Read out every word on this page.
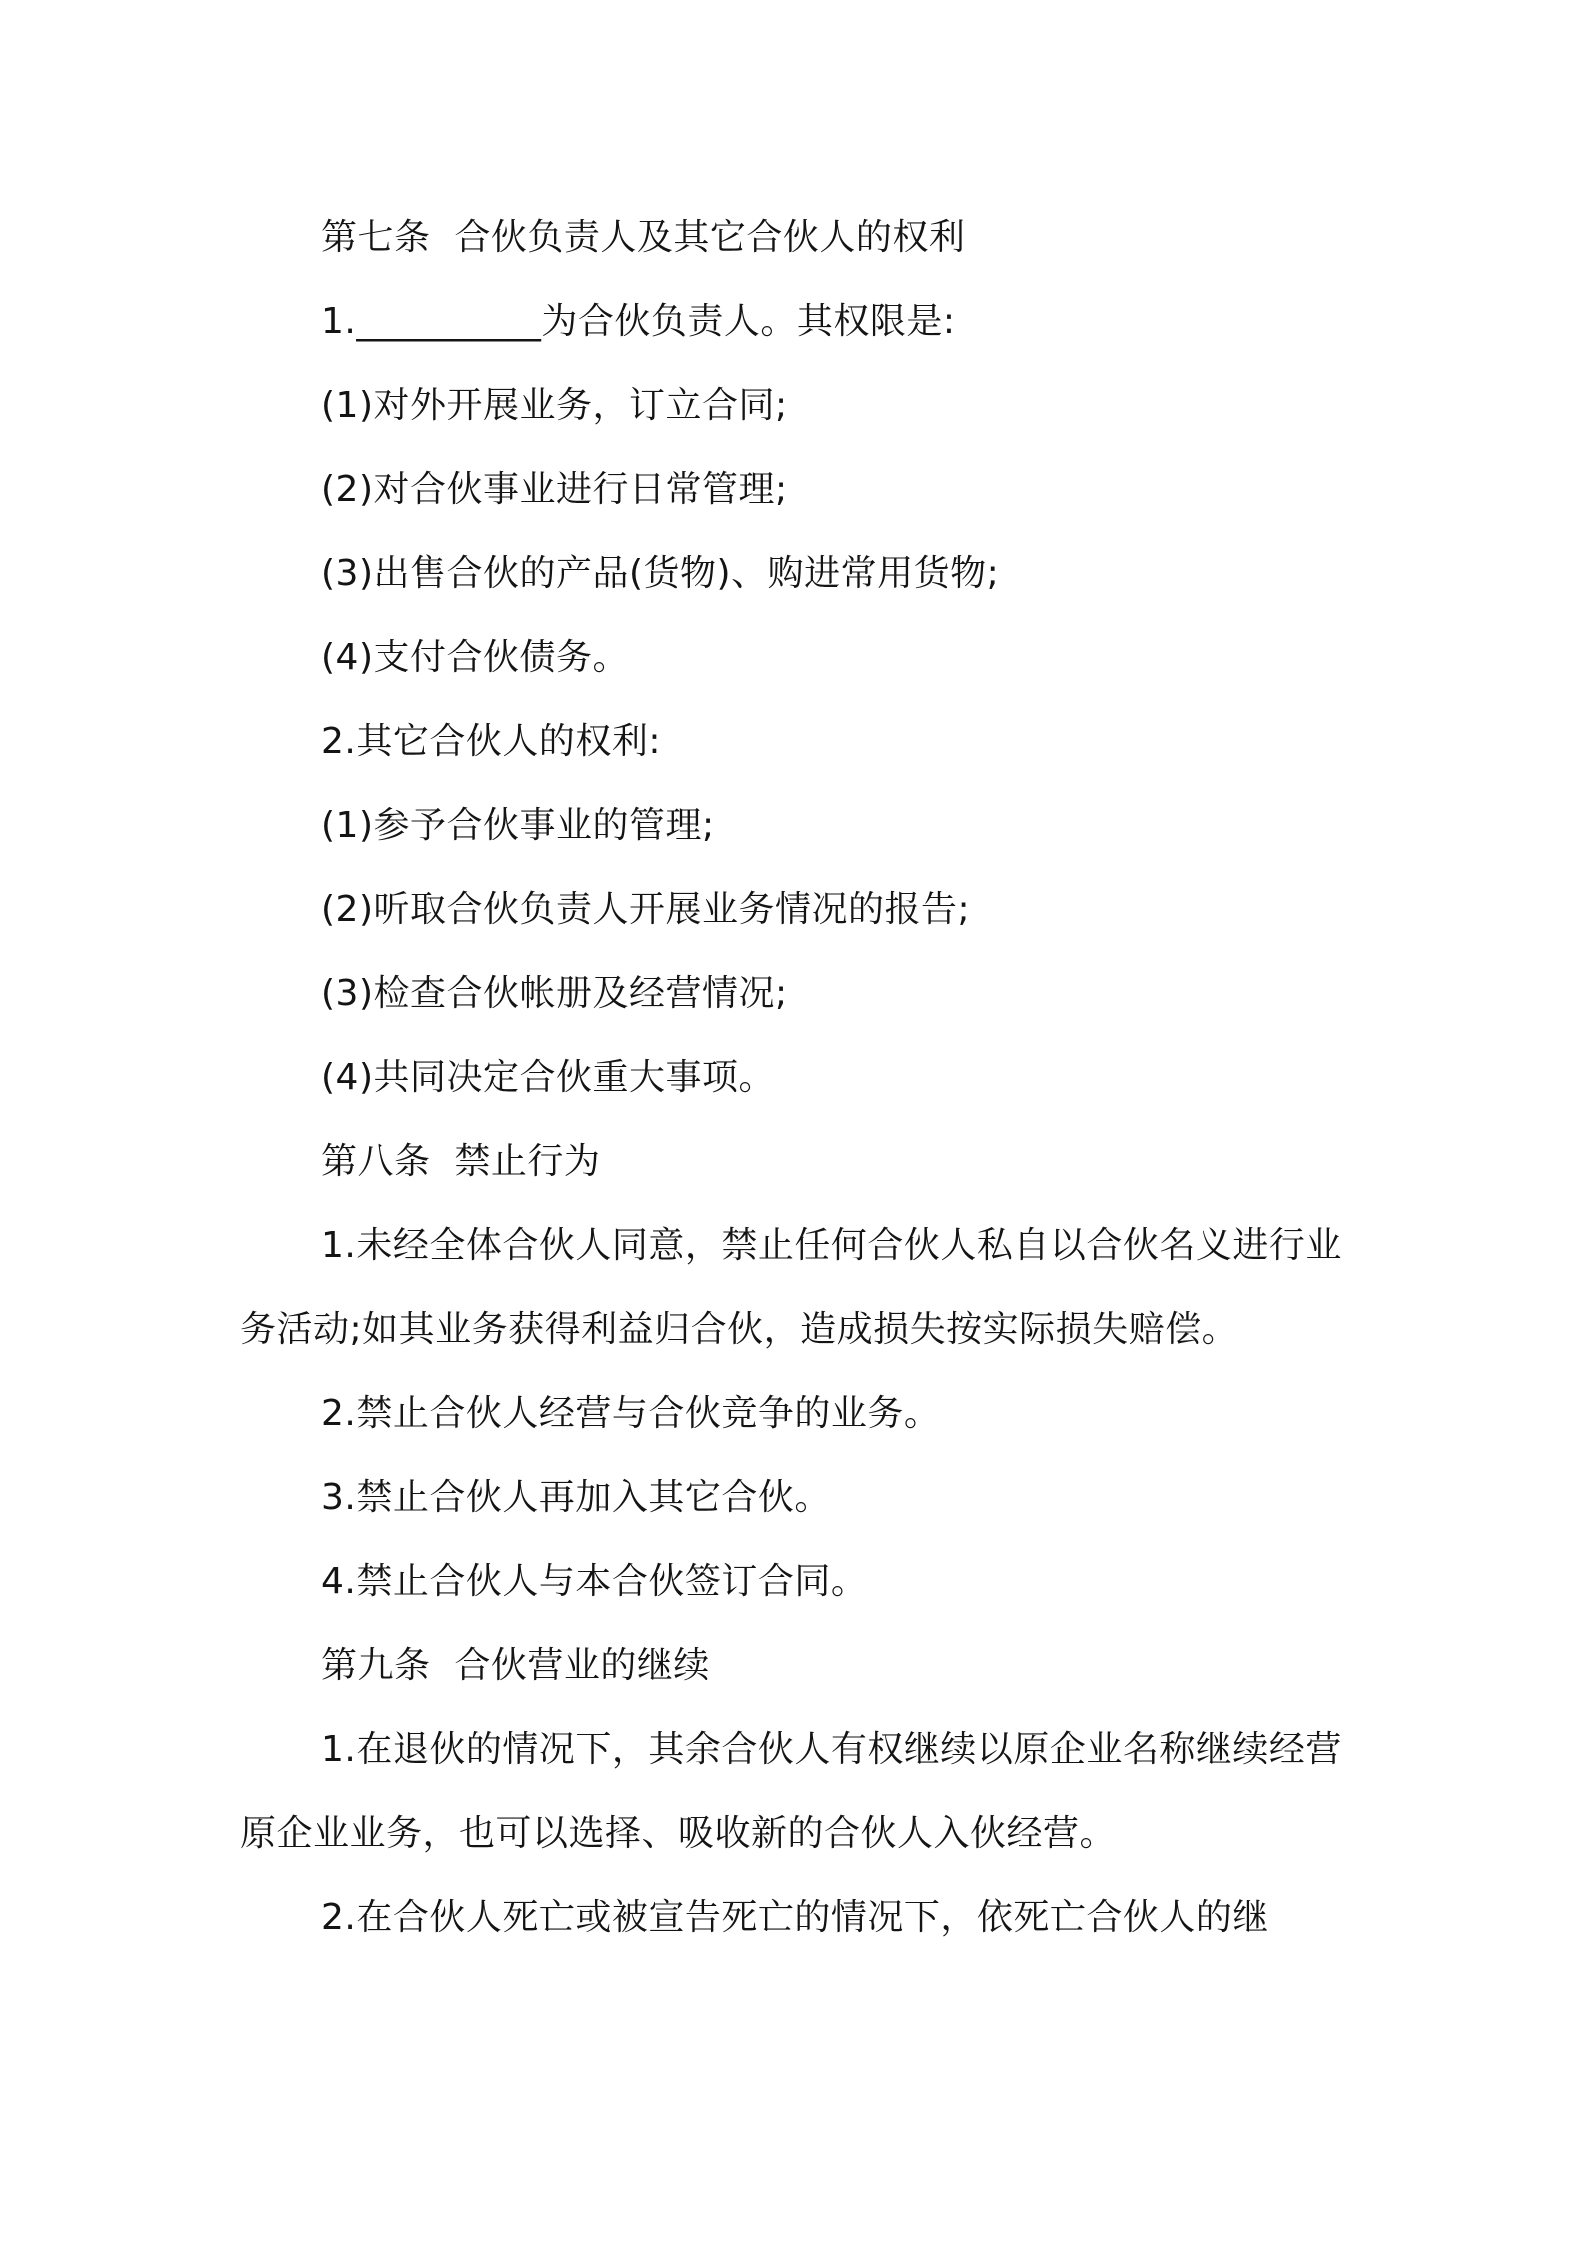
第七条  合伙负责人及其它合伙人的权利

1.__________为合伙负责人。其权限是:

(1)对外开展业务，订立合同;

(2)对合伙事业进行日常管理;

(3)出售合伙的产品(货物)、购进常用货物;

(4)支付合伙债务。

2.其它合伙人的权利:

(1)参予合伙事业的管理;

(2)听取合伙负责人开展业务情况的报告;

(3)检查合伙帐册及经营情况;

(4)共同决定合伙重大事项。

第八条  禁止行为

1.未经全体合伙人同意，禁止任何合伙人私自以合伙名义进行业务活动;如其业务获得利益归合伙，造成损失按实际损失赔偿。

2.禁止合伙人经营与合伙竞争的业务。

3.禁止合伙人再加入其它合伙。

4.禁止合伙人与本合伙签订合同。

第九条  合伙营业的继续

1.在退伙的情况下，其余合伙人有权继续以原企业名称继续经营原企业业务，也可以选择、吸收新的合伙人入伙经营。

2.在合伙人死亡或被宣告死亡的情况下，依死亡合伙人的继
